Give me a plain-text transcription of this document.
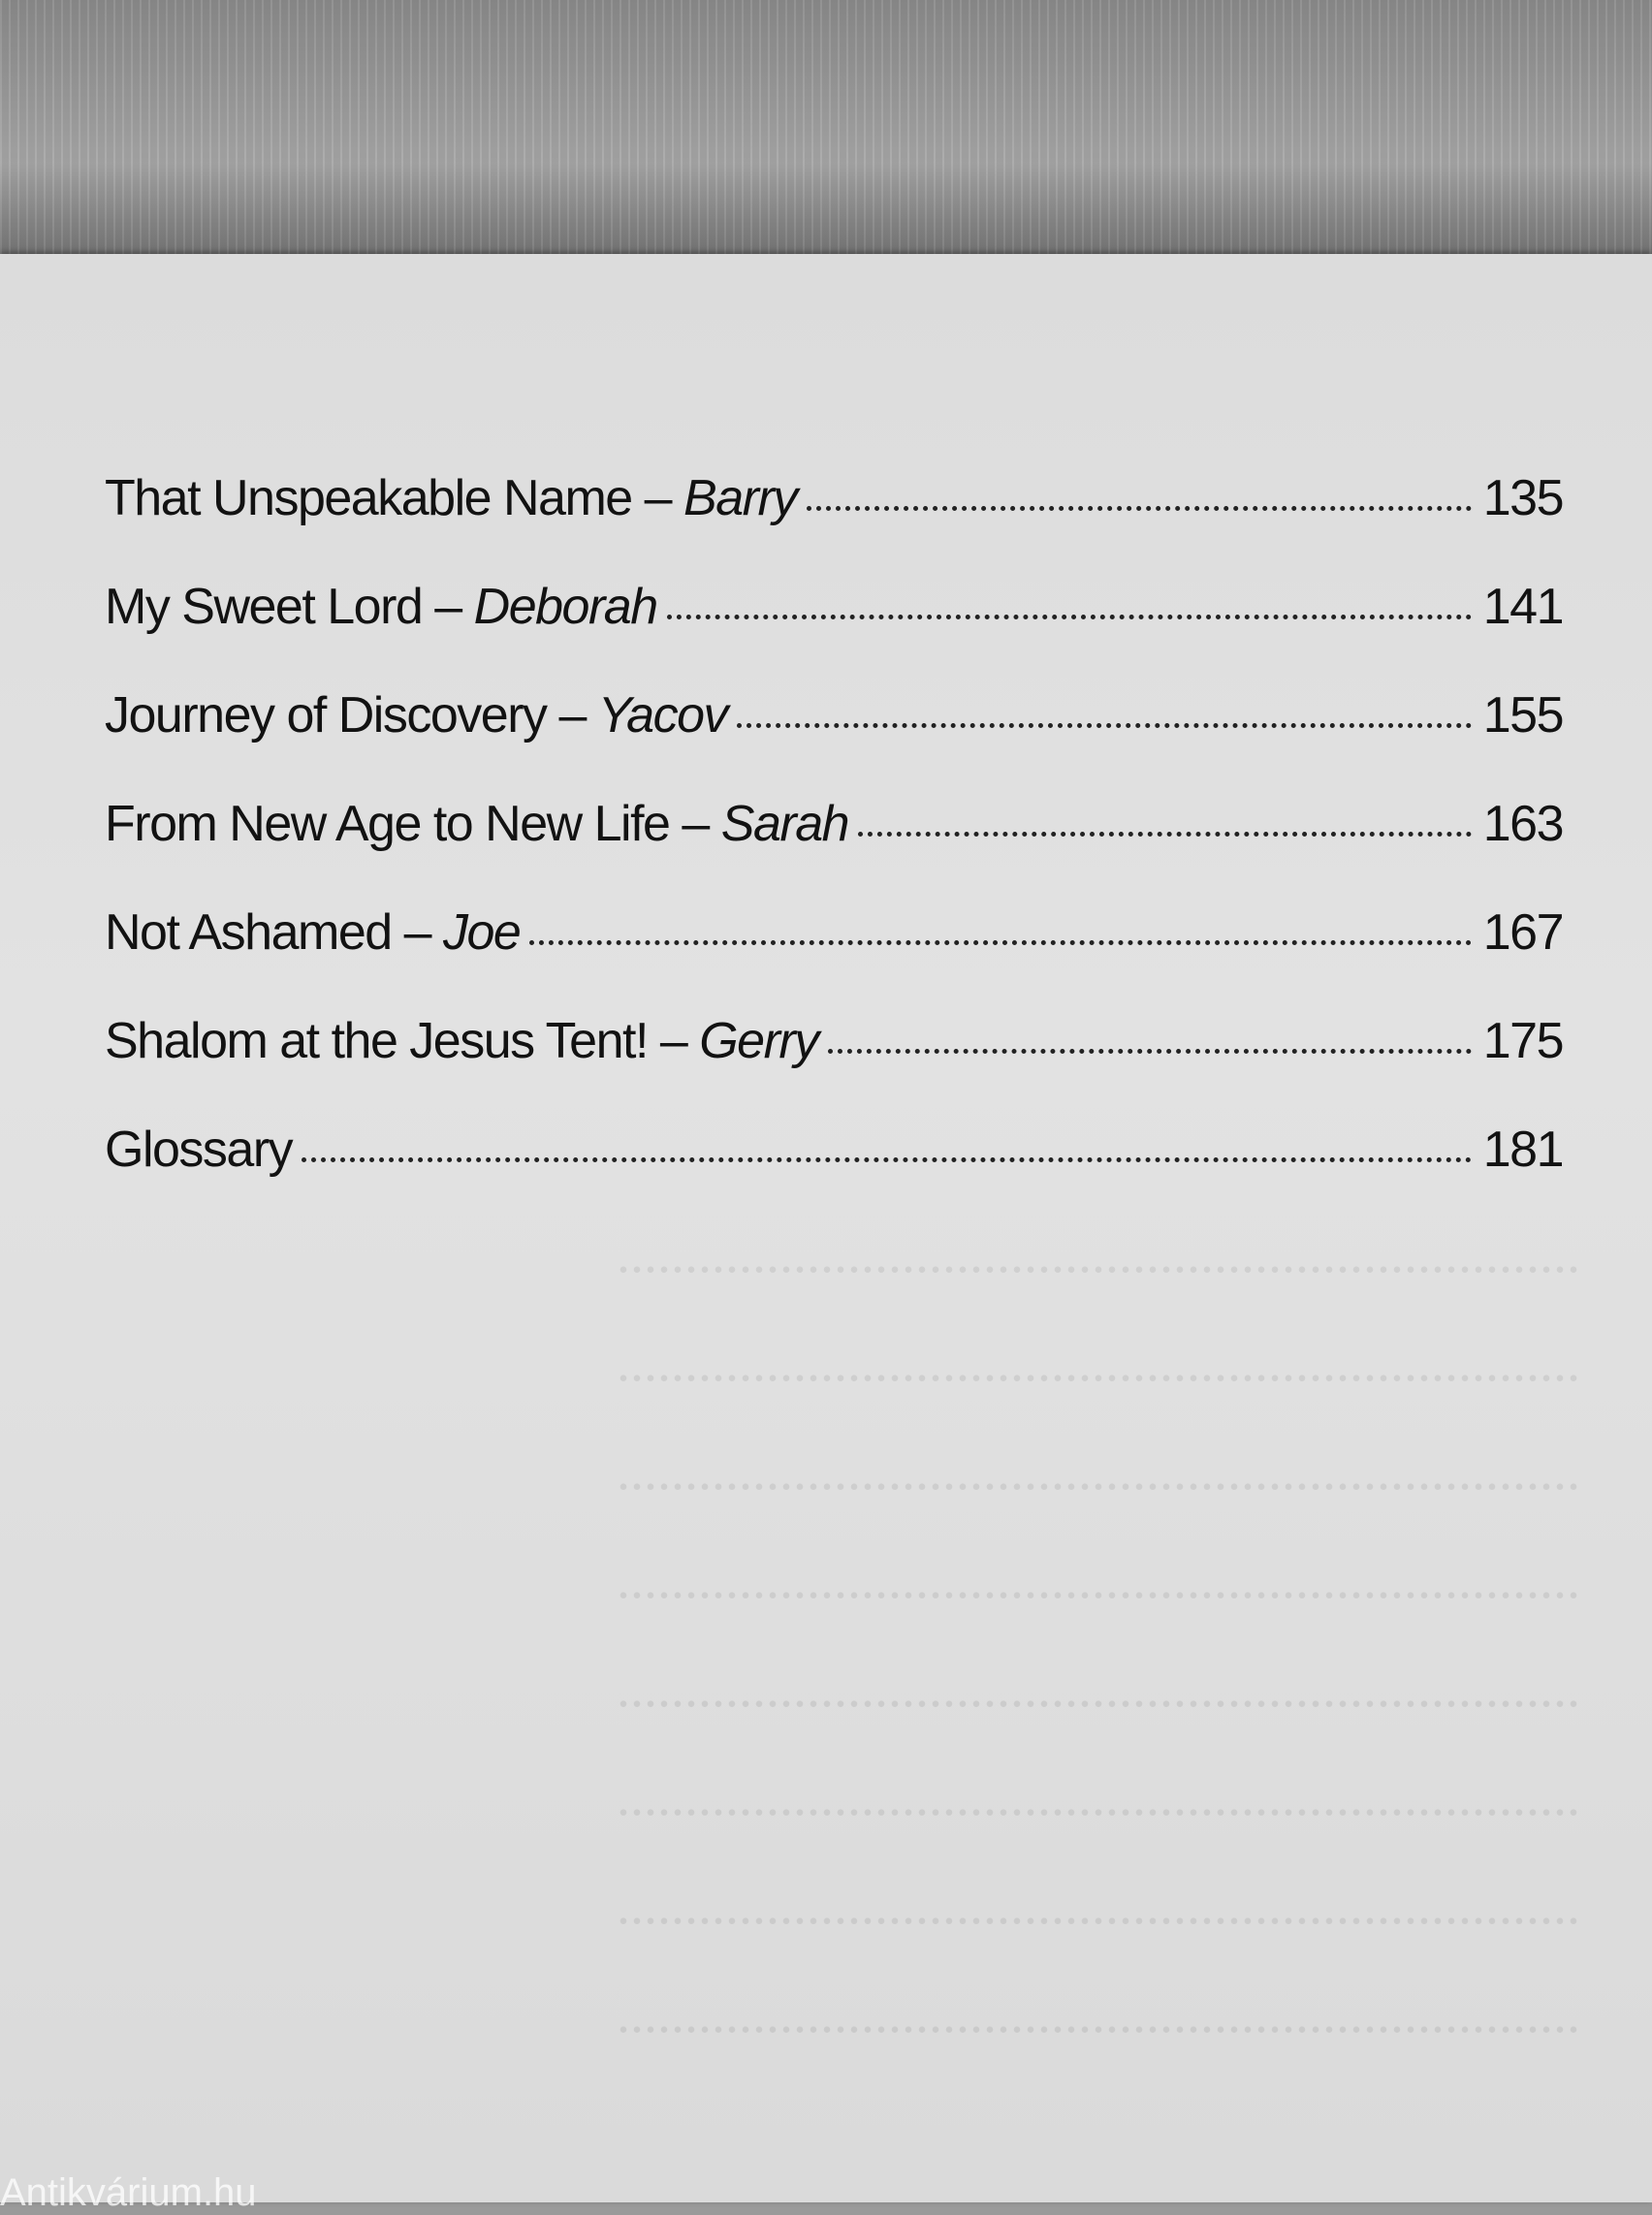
That Unspeakable Name – Barry	135
My Sweet Lord – Deborah	141
Journey of Discovery – Yacov	155
From New Age to New Life – Sarah	163
Not Ashamed – Joe	167
Shalom at the Jesus Tent! – Gerry	175
Glossary	181
.......................................................................
.......................................................................
.......................................................................
.......................................................................
.......................................................................
.......................................................................
.......................................................................
.......................................................................
Antikvárium.hu
